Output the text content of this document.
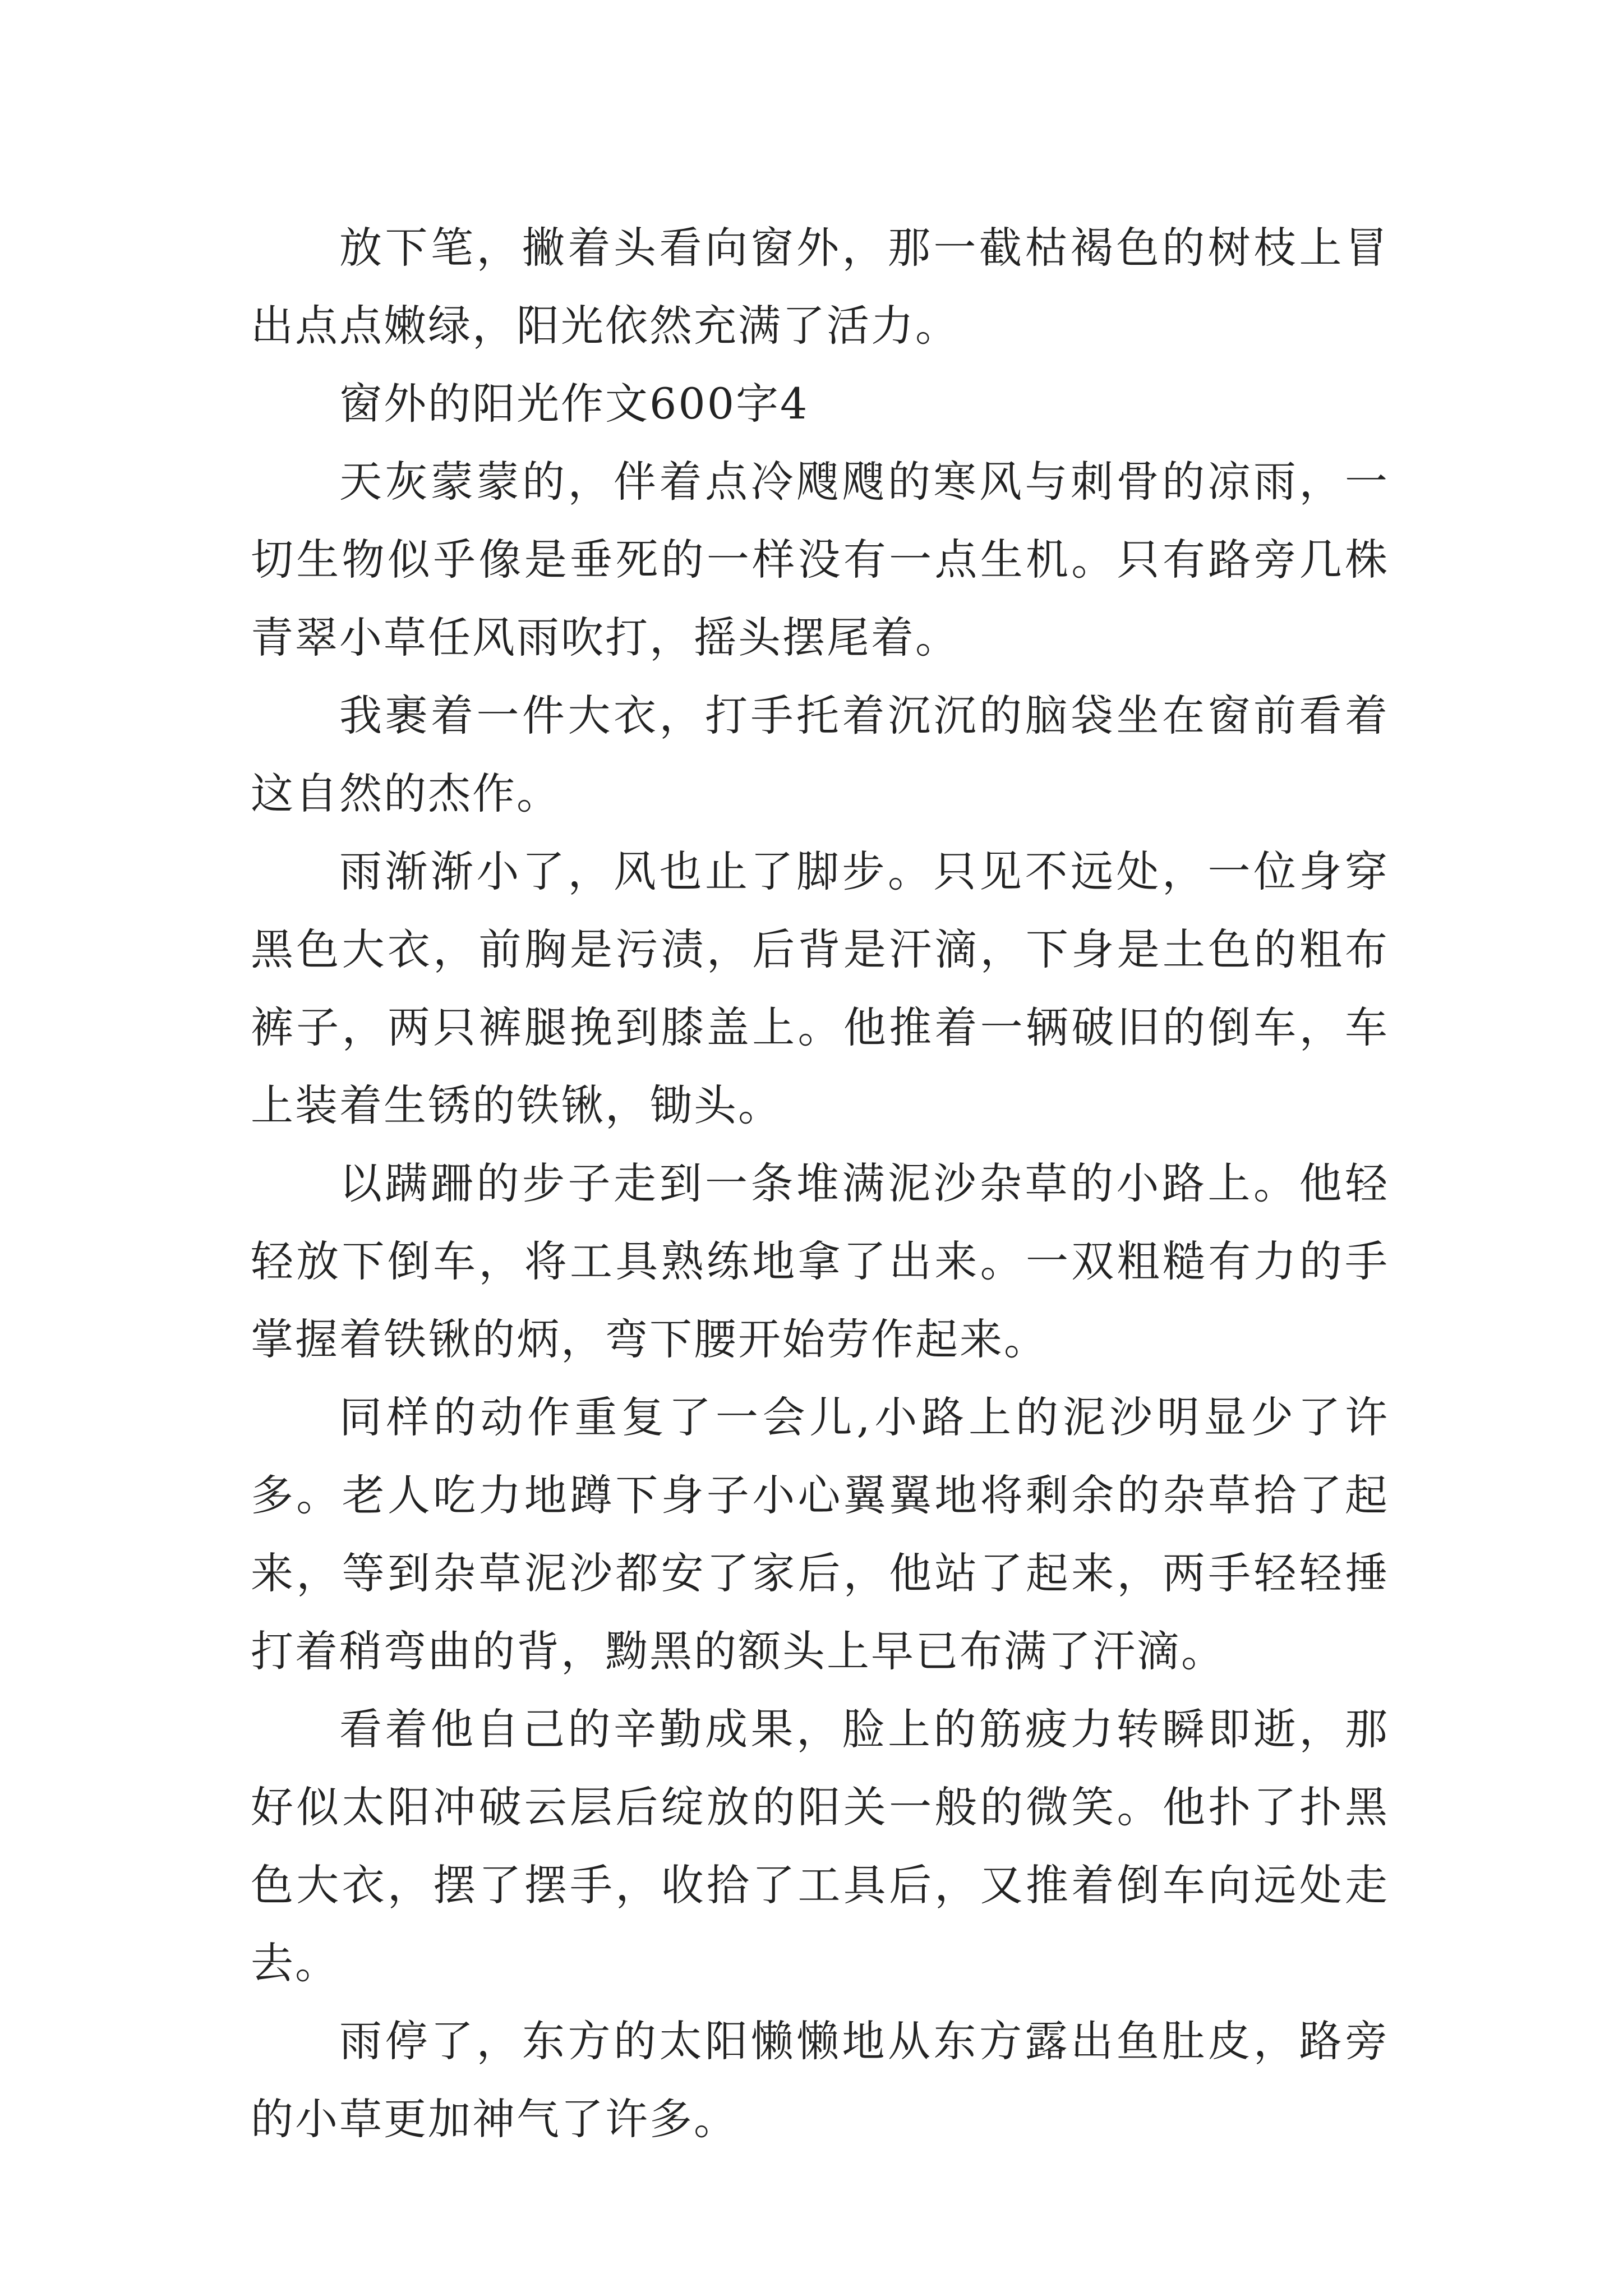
放下笔，撇着头看向窗外，那一截枯褐色的树枝上冒出点点嫩绿，阳光依然充满了活力。

窗外的阳光作文600字4

天灰蒙蒙的，伴着点冷飕飕的寒风与刺骨的凉雨，一切生物似乎像是垂死的一样没有一点生机。只有路旁几株青翠小草任风雨吹打，摇头摆尾着。

我裹着一件大衣，打手托着沉沉的脑袋坐在窗前看着这自然的杰作。

雨渐渐小了，风也止了脚步。只见不远处，一位身穿黑色大衣，前胸是污渍，后背是汗滴，下身是土色的粗布裤子，两只裤腿挽到膝盖上。他推着一辆破旧的倒车，车上装着生锈的铁锹，锄头。

以蹒跚的步子走到一条堆满泥沙杂草的小路上。他轻轻放下倒车，将工具熟练地拿了出来。一双粗糙有力的手掌握着铁锹的炳，弯下腰开始劳作起来。

同样的动作重复了一会儿,小路上的泥沙明显少了许多。老人吃力地蹲下身子小心翼翼地将剩余的杂草拾了起来，等到杂草泥沙都安了家后，他站了起来，两手轻轻捶打着稍弯曲的背，黝黑的额头上早已布满了汗滴。

看着他自己的辛勤成果，脸上的筋疲力转瞬即逝，那好似太阳冲破云层后绽放的阳关一般的微笑。他扑了扑黑色大衣，摆了摆手，收拾了工具后，又推着倒车向远处走去。

雨停了，东方的太阳懒懒地从东方露出鱼肚皮，路旁的小草更加神气了许多。
